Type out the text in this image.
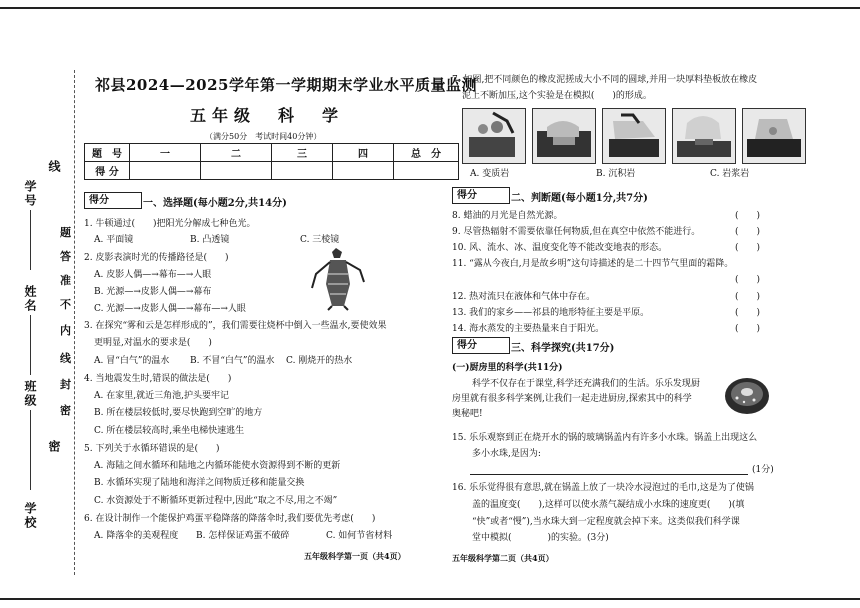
学号
线
姓名
班级
学校
密
题
答
准
不
内
线
封
密
祁县2024—2025学年第一学期期末学业水平质量监测
五年级　科　学
（满分50分　考试时间40分钟）
题　号	一	二	三	四	总　分
得 分					
得分	一、选择题(每小题2分,共14分)
1. 牛顿通过(　　)把阳光分解成七种色光。
A. 平面镜	B. 凸透镜	C. 三棱镜
2. 皮影表演时光的传播路径是(　　)
A. 皮影人偶—→幕布—→人眼
B. 光源—→皮影人偶—→幕布
C. 光源—→皮影人偶—→幕布—→人眼
3. 在探究“雾和云是怎样形成的”，我们需要往烧杯中倒入一些温水,要使效果
更明显,对温水的要求是(　　)
A. 冒“白气”的温水 B. 不冒“白气”的温水 C. 刚烧开的热水
4. 当地震发生时,错误的做法是(　　)
A. 在家里,就近三角池,护头要牢记
B. 所在楼层较低时,要尽快跑到空旷的地方
C. 所在楼层较高时,乘坐电梯快速逃生
5. 下列关于水循环错误的是(　　)
A. 海陆之间水循环和陆地之内循环能使水资源得到不断的更新
B. 水循环实现了陆地和海洋之间物质迁移和能量交换
C. 水资源处于不断循环更新过程中,因此“取之不尽,用之不竭”
6. 在设计制作一个能保护鸡蛋平稳降落的降落伞时,我们要优先考虑(　　)
A. 降落伞的美观程度 B. 怎样保证鸡蛋不破碎	C. 如何节省材料
五年级科学第一页（共4页）
7. 如图,把不同颜色的橡皮泥搓成大小不同的圆球,并用一块厚料垫板放在橡皮
泥上不断加压,这个实验是在模拟(　　)的形成。
A. 变质岩	B. 沉积岩	C. 岩浆岩
得分	二、判断题(每小题1分,共7分)
8. 蜡油的月光是自然光源。	(　　)
9. 尽管热辐射不需要依靠任何物质,但在真空中依然不能进行。	(　　)
10. 风、流水、冰、温度变化等不能改变地表的形态。	(　　)
11. “露从今夜白,月是故乡明”这句诗描述的是二十四节气里面的霜降。
(　　)
12. 热对流只在液体和气体中存在。	(　　)
13. 我们的家乡——祁县的地形特征主要是平原。	(　　)
14. 海水蒸发的主要热量来自于阳光。	(　　)
得分	三、科学探究(共17分)
(一)厨房里的科学(共11分)
科学不仅存在于课堂,科学还充满我们的生活。乐乐发现厨
房里就有很多科学案例,让我们一起走进厨房,探索其中的科学
奥秘吧!
15. 乐乐观察到正在烧开水的锅的玻璃锅盖内有许多小水珠。锅盖上出现这么
多小水珠,是因为:
(1分)
16. 乐乐觉得很有意思,就在锅盖上放了一块冷水浸泡过的毛巾,这是为了使锅
盖的温度变(　　),这样可以使水蒸气凝结成小水珠的速度更(　　)(填
“快”或者“慢”),当水珠大到一定程度就会掉下来。这类似我们科学课
堂中模拟(　　　　)的实验。(3分)
五年级科学第二页（共4页）
